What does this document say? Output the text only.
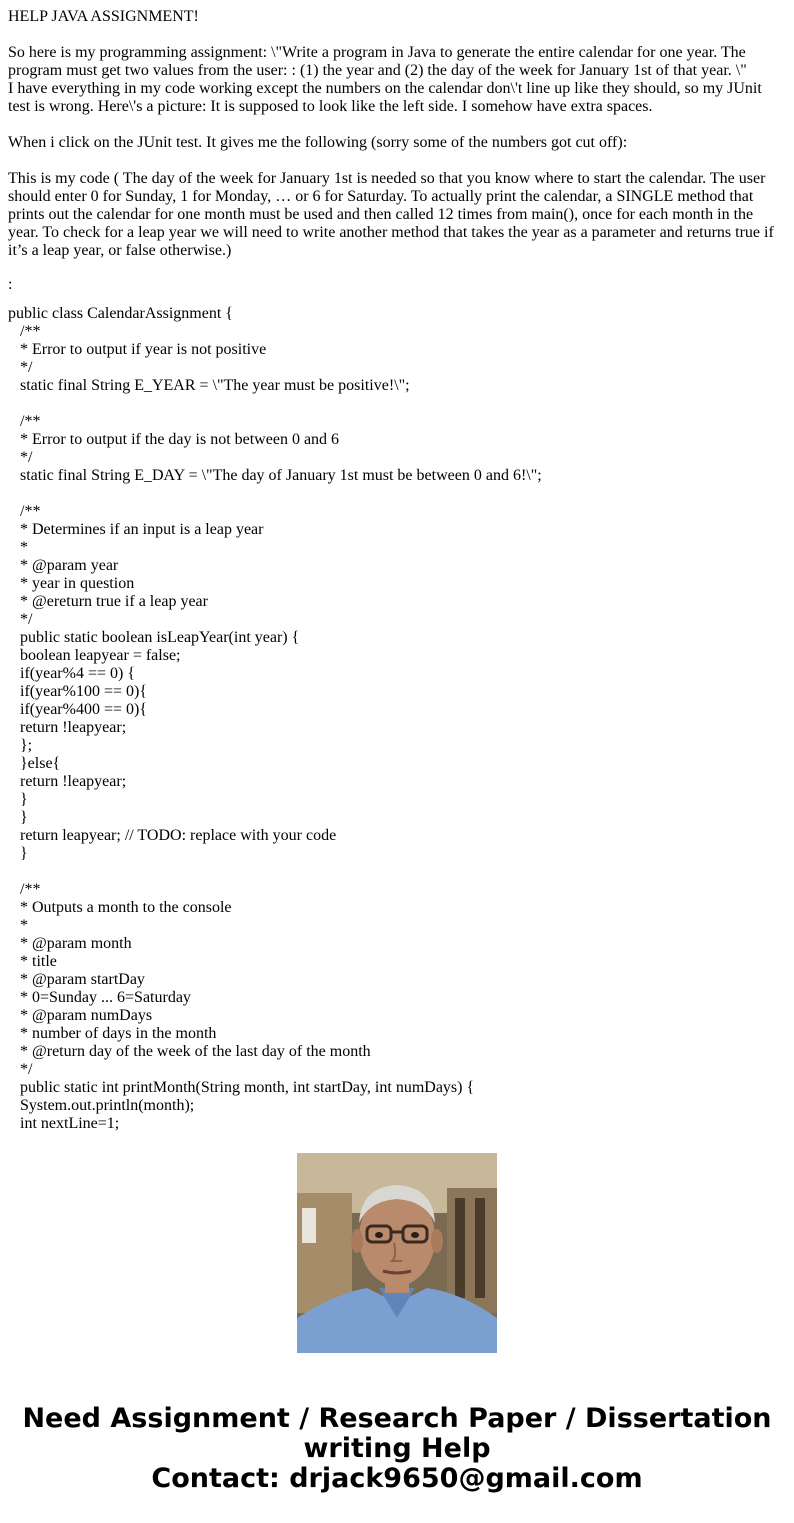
HELP JAVA ASSIGNMENT!

So here is my programming assignment: \"Write a program in Java to generate the entire calendar for one year. The program must get two values from the user: : (1) the year and (2) the day of the week for January 1st of that year. \"
I have everything in my code working except the numbers on the calendar don\'t line up like they should, so my JUnit test is wrong. Here\'s a picture: It is supposed to look like the left side. I somehow have extra spaces.

When i click on the JUnit test. It gives me the following (sorry some of the numbers got cut off):

This is my code ( The day of the week for January 1st is needed so that you know where to start the calendar. The user should enter 0 for Sunday, 1 for Monday, … or 6 for Saturday. To actually print the calendar, a SINGLE method that prints out the calendar for one month must be used and then called 12 times from main(), once for each month in the year. To check for a leap year we will need to write another method that takes the year as a parameter and returns true if it’s a leap year, or false otherwise.)

:

public class CalendarAssignment {
/**
* Error to output if year is not positive
*/
static final String E_YEAR = \"The year must be positive!\";

/**
* Error to output if the day is not between 0 and 6
*/
static final String E_DAY = \"The day of January 1st must be between 0 and 6!\";

/**
* Determines if an input is a leap year
*
* @param year
* year in question
* @ereturn true if a leap year
*/
public static boolean isLeapYear(int year) {
boolean leapyear = false;
if(year%4 == 0) {
if(year%100 == 0){
if(year%400 == 0){
return !leapyear;
};
}else{
return !leapyear;
}
}
return leapyear; // TODO: replace with your code
}

/**
* Outputs a month to the console
*
* @param month
* title
* @param startDay
* 0=Sunday ... 6=Saturday
* @param numDays
* number of days in the month
* @return day of the week of the last day of the month
*/
public static int printMonth(String month, int startDay, int numDays) {
System.out.println(month);
int nextLine=1;
Need Assignment / Research Paper / Dissertation
writing Help
Contact: drjack9650@gmail.com
